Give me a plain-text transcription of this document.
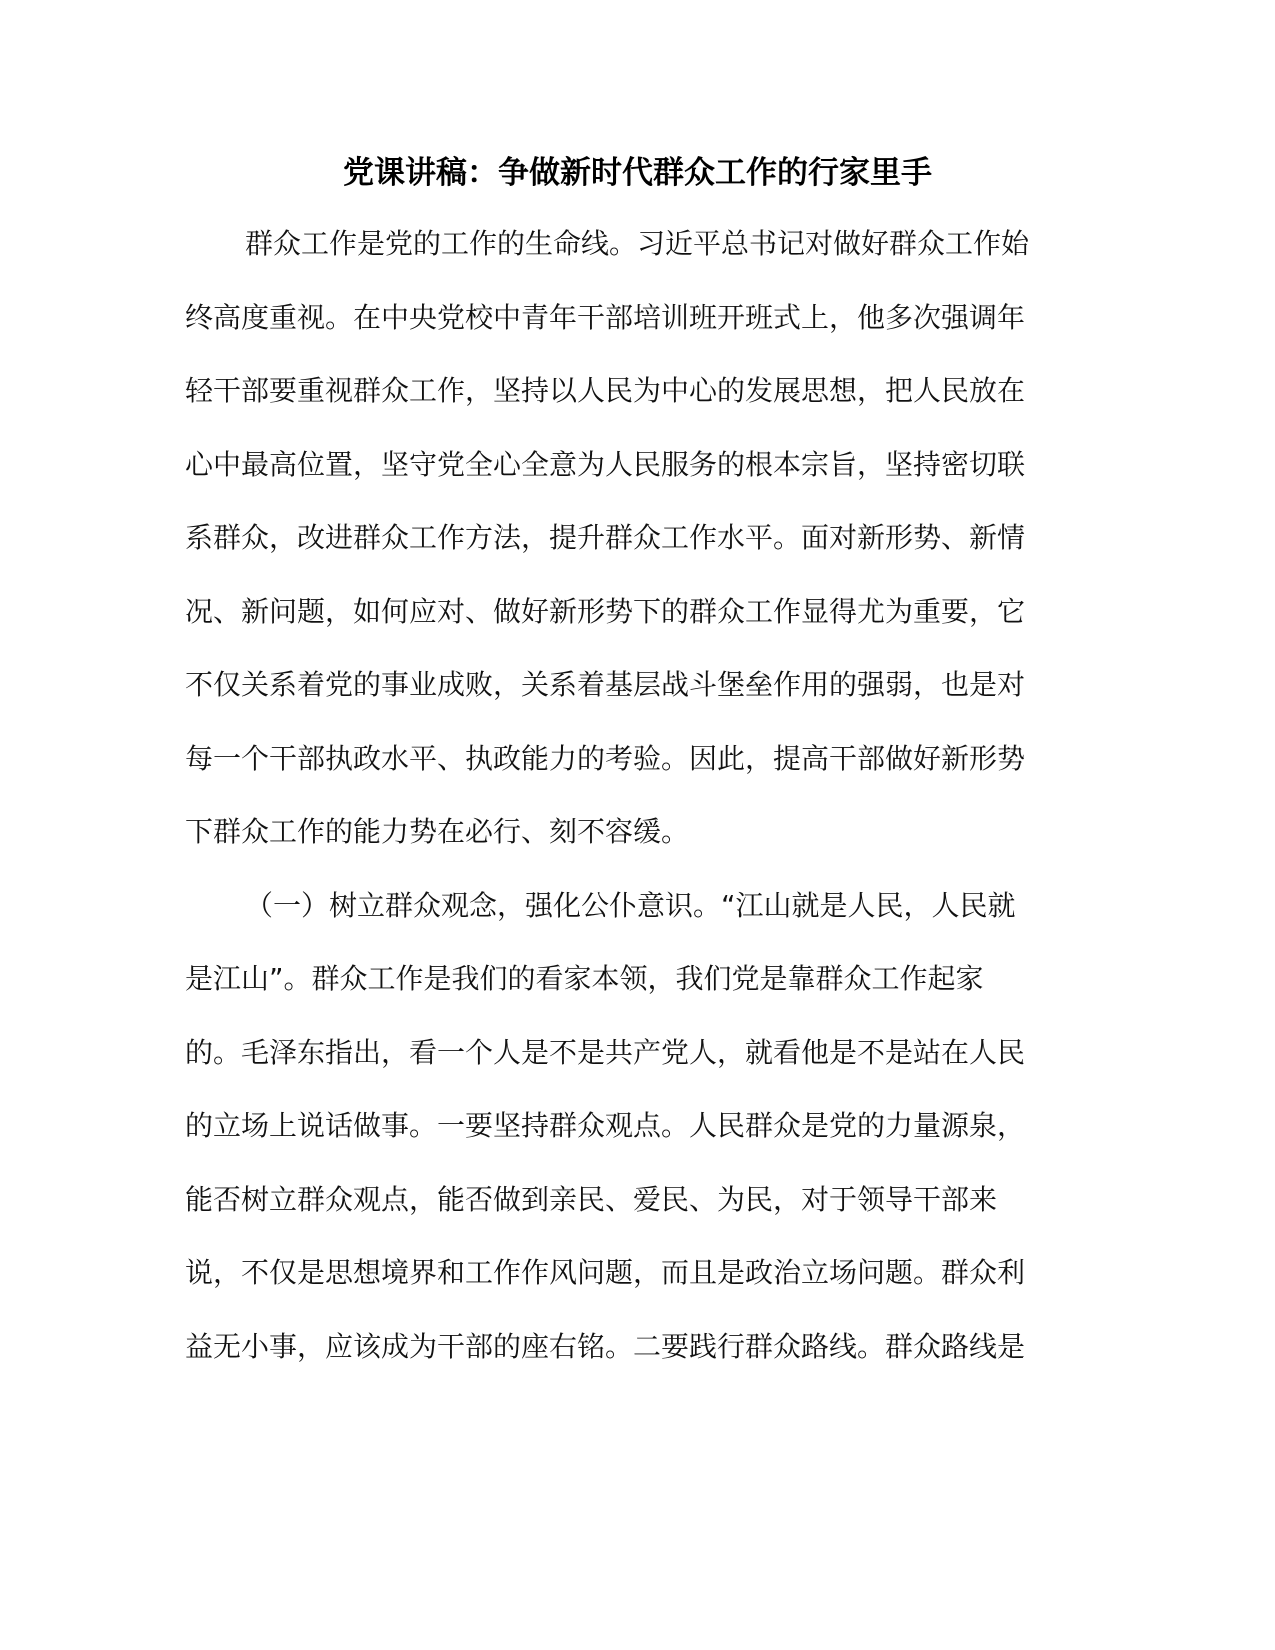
党课讲稿：争做新时代群众工作的行家里手
群众工作是党的工作的生命线。习近平总书记对做好群众工作始
终高度重视。在中央党校中青年干部培训班开班式上，他多次强调年
轻干部要重视群众工作，坚持以人民为中心的发展思想，把人民放在
心中最高位置，坚守党全心全意为人民服务的根本宗旨，坚持密切联
系群众，改进群众工作方法，提升群众工作水平。面对新形势、新情
况、新问题，如何应对、做好新形势下的群众工作显得尤为重要，它
不仅关系着党的事业成败，关系着基层战斗堡垒作用的强弱，也是对
每一个干部执政水平、执政能力的考验。因此，提高干部做好新形势
下群众工作的能力势在必行、刻不容缓。
（一）树立群众观念，强化公仆意识。“江山就是人民，人民就
是江山”。群众工作是我们的看家本领，我们党是靠群众工作起家
的。毛泽东指出，看一个人是不是共产党人，就看他是不是站在人民
的立场上说话做事。一要坚持群众观点。人民群众是党的力量源泉，
能否树立群众观点，能否做到亲民、爱民、为民，对于领导干部来
说，不仅是思想境界和工作作风问题，而且是政治立场问题。群众利
益无小事，应该成为干部的座右铭。二要践行群众路线。群众路线是
